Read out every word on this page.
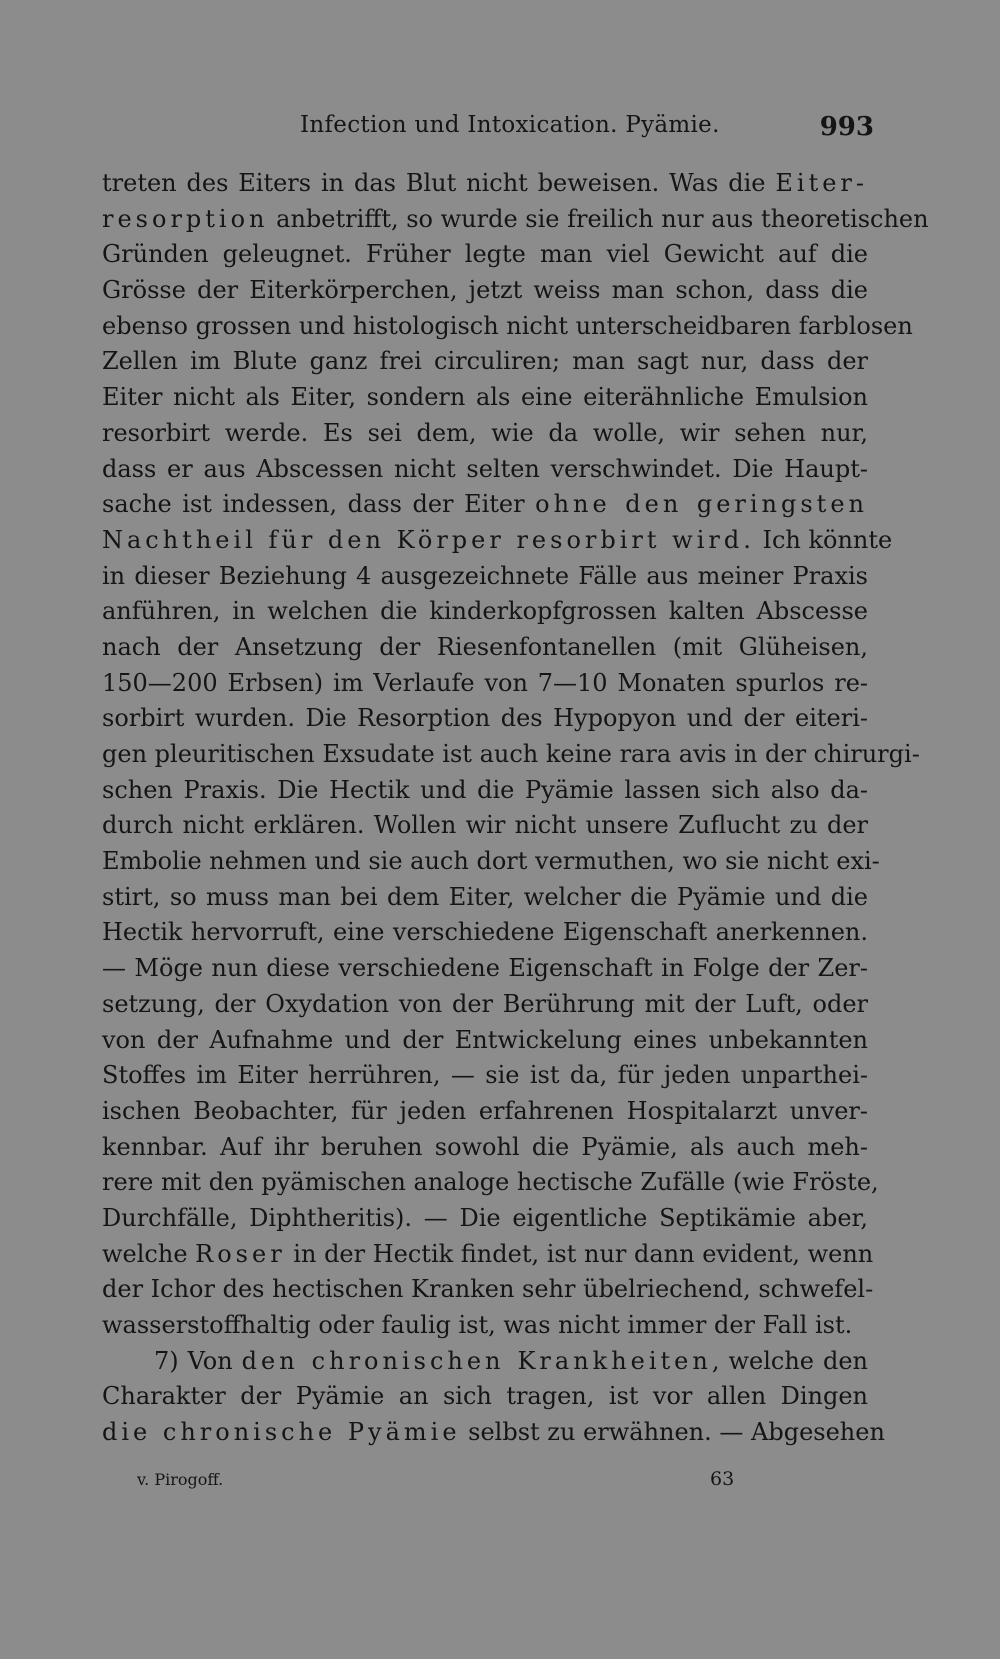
Infection und Intoxication. Pyämie.	993
treten des Eiters in das Blut nicht beweisen. Was die Eiter-
resorption anbetrifft, so wurde sie freilich nur aus theoretischen
Gründen geleugnet. Früher legte man viel Gewicht auf die
Grösse der Eiterkörperchen, jetzt weiss man schon, dass die
ebenso grossen und histologisch nicht unterscheidbaren farblosen
Zellen im Blute ganz frei circuliren; man sagt nur, dass der
Eiter nicht als Eiter, sondern als eine eiterähnliche Emulsion
resorbirt werde. Es sei dem, wie da wolle, wir sehen nur,
dass er aus Abscessen nicht selten verschwindet. Die Haupt-
sache ist indessen, dass der Eiter ohne den geringsten
Nachtheil für den Körper resorbirt wird. Ich könnte
in dieser Beziehung 4 ausgezeichnete Fälle aus meiner Praxis
anführen, in welchen die kinderkopfgrossen kalten Abscesse
nach der Ansetzung der Riesenfontanellen (mit Glüheisen,
150—200 Erbsen) im Verlaufe von 7—10 Monaten spurlos re-
sorbirt wurden. Die Resorption des Hypopyon und der eiteri-
gen pleuritischen Exsudate ist auch keine rara avis in der chirurgi-
schen Praxis. Die Hectik und die Pyämie lassen sich also da-
durch nicht erklären. Wollen wir nicht unsere Zuflucht zu der
Embolie nehmen und sie auch dort vermuthen, wo sie nicht exi-
stirt, so muss man bei dem Eiter, welcher die Pyämie und die
Hectik hervorruft, eine verschiedene Eigenschaft anerkennen.
— Möge nun diese verschiedene Eigenschaft in Folge der Zer-
setzung, der Oxydation von der Berührung mit der Luft, oder
von der Aufnahme und der Entwickelung eines unbekannten
Stoffes im Eiter herrühren, — sie ist da, für jeden unparthei-
ischen Beobachter, für jeden erfahrenen Hospitalarzt unver-
kennbar. Auf ihr beruhen sowohl die Pyämie, als auch meh-
rere mit den pyämischen analoge hectische Zufälle (wie Fröste,
Durchfälle, Diphtheritis). — Die eigentliche Septikämie aber,
welche Roser in der Hectik findet, ist nur dann evident, wenn
der Ichor des hectischen Kranken sehr übelriechend, schwefel-
wasserstoffhaltig oder faulig ist, was nicht immer der Fall ist.
7) Von den chronischen Krankheiten, welche den
Charakter der Pyämie an sich tragen, ist vor allen Dingen
die chronische Pyämie selbst zu erwähnen. — Abgesehen
v. Pirogoff.	63
